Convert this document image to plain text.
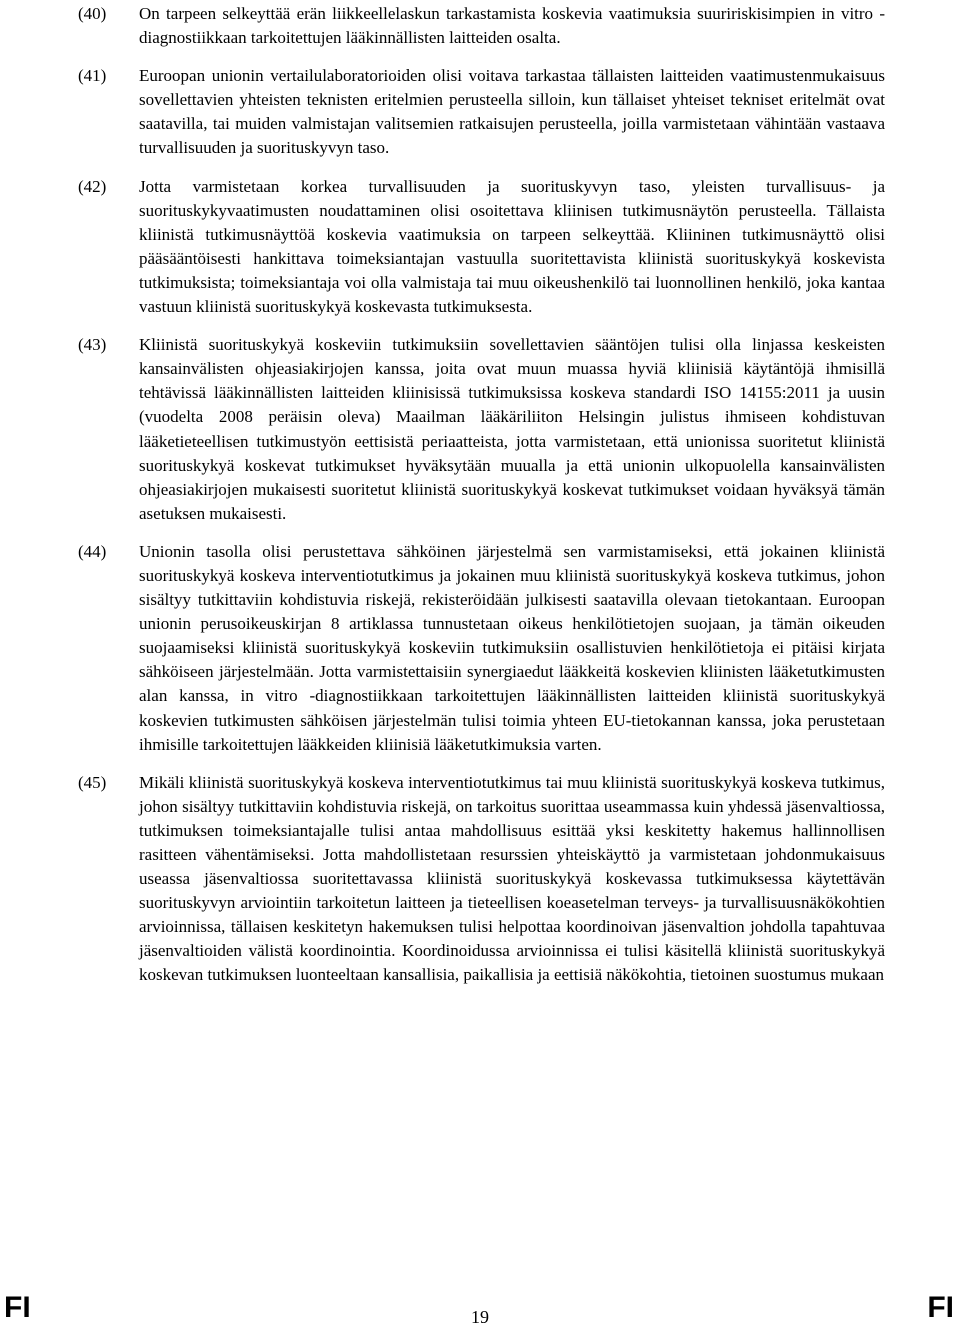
(40) On tarpeen selkeyttää erän liikkeellelaskun tarkastamista koskevia vaatimuksia suuririskisimpien in vitro -diagnostiikkaan tarkoitettujen lääkinnällisten laitteiden osalta.
(41) Euroopan unionin vertailulaboratorioiden olisi voitava tarkastaa tällaisten laitteiden vaatimustenmukaisuus sovellettavien yhteisten teknisten eritelmien perusteella silloin, kun tällaiset yhteiset tekniset eritelmät ovat saatavilla, tai muiden valmistajan valitsemien ratkaisujen perusteella, joilla varmistetaan vähintään vastaava turvallisuuden ja suorituskyvyn taso.
(42) Jotta varmistetaan korkea turvallisuuden ja suorituskyvyn taso, yleisten turvallisuus- ja suorituskykyvaatimusten noudattaminen olisi osoitettava kliinisen tutkimusnäytön perusteella. Tällaista kliinistä tutkimusnäyttöä koskevia vaatimuksia on tarpeen selkeyttää. Kliininen tutkimusnäyttö olisi pääsääntöisesti hankittava toimeksiantajan vastuulla suoritettavista kliinistä suorituskykyä koskevista tutkimuksista; toimeksiantaja voi olla valmistaja tai muu oikeushenkilö tai luonnollinen henkilö, joka kantaa vastuun kliinistä suorituskykyä koskevasta tutkimuksesta.
(43) Kliinistä suorituskykyä koskeviin tutkimuksiin sovellettavien sääntöjen tulisi olla linjassa keskeisten kansainvälisten ohjeasiakirjojen kanssa, joita ovat muun muassa hyviä kliinisiä käytäntöjä ihmisillä tehtävissä lääkinnällisten laitteiden kliinisissä tutkimuksissa koskeva standardi ISO 14155:2011 ja uusin (vuodelta 2008 peräisin oleva) Maailman lääkäriliiton Helsingin julistus ihmiseen kohdistuvan lääketieteellisen tutkimustyön eettisistä periaatteista, jotta varmistetaan, että unionissa suoritetut kliinistä suorituskykyä koskevat tutkimukset hyväksytään muualla ja että unionin ulkopuolella kansainvälisten ohjeasiakirjojen mukaisesti suoritetut kliinistä suorituskykyä koskevat tutkimukset voidaan hyväksyä tämän asetuksen mukaisesti.
(44) Unionin tasolla olisi perustettava sähköinen järjestelmä sen varmistamiseksi, että jokainen kliinistä suorituskykyä koskeva interventiotutkimus ja jokainen muu kliinistä suorituskykyä koskeva tutkimus, johon sisältyy tutkittaviin kohdistuvia riskejä, rekisteröidään julkisesti saatavilla olevaan tietokantaan. Euroopan unionin perusoikeuskirjan 8 artiklassa tunnustetaan oikeus henkilötietojen suojaan, ja tämän oikeuden suojaamiseksi kliinistä suorituskykyä koskeviin tutkimuksiin osallistuvien henkilötietoja ei pitäisi kirjata sähköiseen järjestelmään. Jotta varmistettaisiin synergiaedut lääkkeitä koskevien kliinisten lääketutkimusten alan kanssa, in vitro -diagnostiikkaan tarkoitettujen lääkinnällisten laitteiden kliinistä suorituskykyä koskevien tutkimusten sähköisen järjestelmän tulisi toimia yhteen EU-tietokannan kanssa, joka perustetaan ihmisille tarkoitettujen lääkkeiden kliinisiä lääketutkimuksia varten.
(45) Mikäli kliinistä suorituskykyä koskeva interventiotutkimus tai muu kliinistä suorituskykyä koskeva tutkimus, johon sisältyy tutkittaviin kohdistuvia riskejä, on tarkoitus suorittaa useammassa kuin yhdessä jäsenvaltiossa, tutkimuksen toimeksiantajalle tulisi antaa mahdollisuus esittää yksi keskitetty hakemus hallinnollisen rasitteen vähentämiseksi. Jotta mahdollistetaan resurssien yhteiskäyttö ja varmistetaan johdonmukaisuus useassa jäsenvaltiossa suoritettavassa kliinistä suorituskykyä koskevassa tutkimuksessa käytettävän suorituskyvyn arviointiin tarkoitetun laitteen ja tieteellisen koeasetelman terveys- ja turvallisuusnäkökohtien arvioinnissa, tällaisen keskitetyn hakemuksen tulisi helpottaa koordinoivan jäsenvaltion johdolla tapahtuvaa jäsenvaltioiden välistä koordinointia. Koordinoidussa arvioinnissa ei tulisi käsitellä kliinistä suorituskykyä koskevan tutkimuksen luonteeltaan kansallisia, paikallisia ja eettisiä näkökohtia, tietoinen suostumus mukaan
FI	19	FI
